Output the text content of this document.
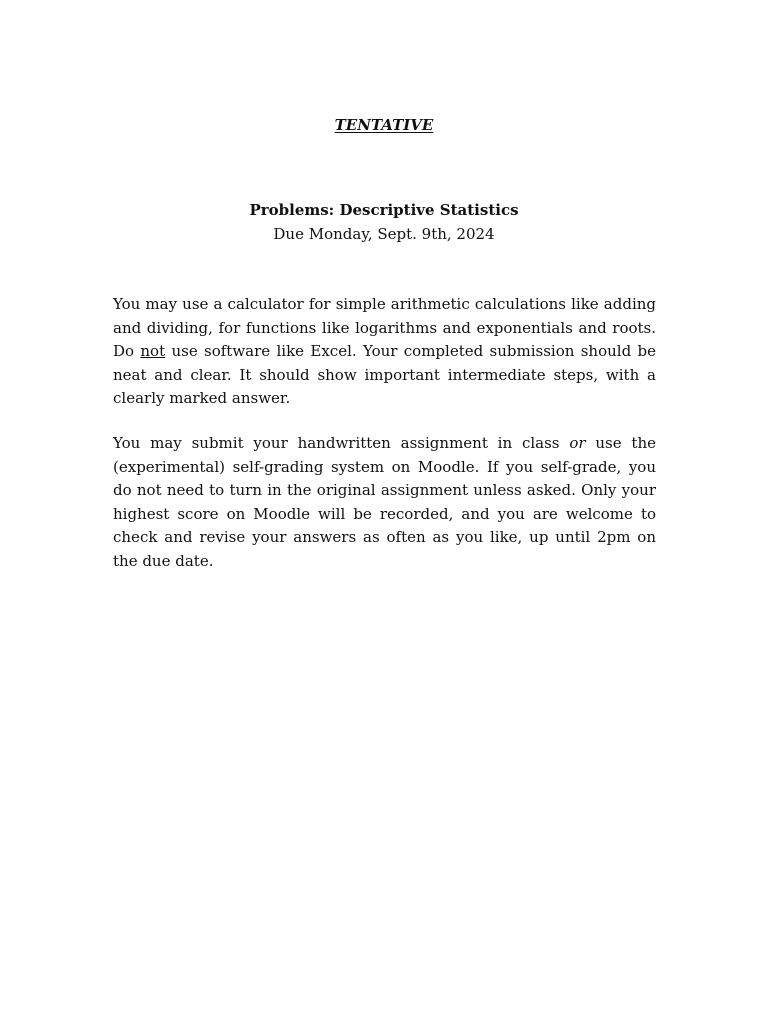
TENTATIVE

Problems: Descriptive Statistics

Due Monday, Sept. 9th, 2024

You may use a calculator for simple arithmetic calculations like adding and dividing, for functions like logarithms and exponentials and roots. Do not use software like Excel. Your completed submission should be neat and clear. It should show important intermediate steps, with a clearly marked answer.

You may submit your handwritten assignment in class or use the (experimental) self-grading system on Moodle. If you self-grade, you do not need to turn in the original assignment unless asked. Only your highest score on Moodle will be recorded, and you are welcome to check and revise your answers as often as you like, up until 2pm on the due date.
